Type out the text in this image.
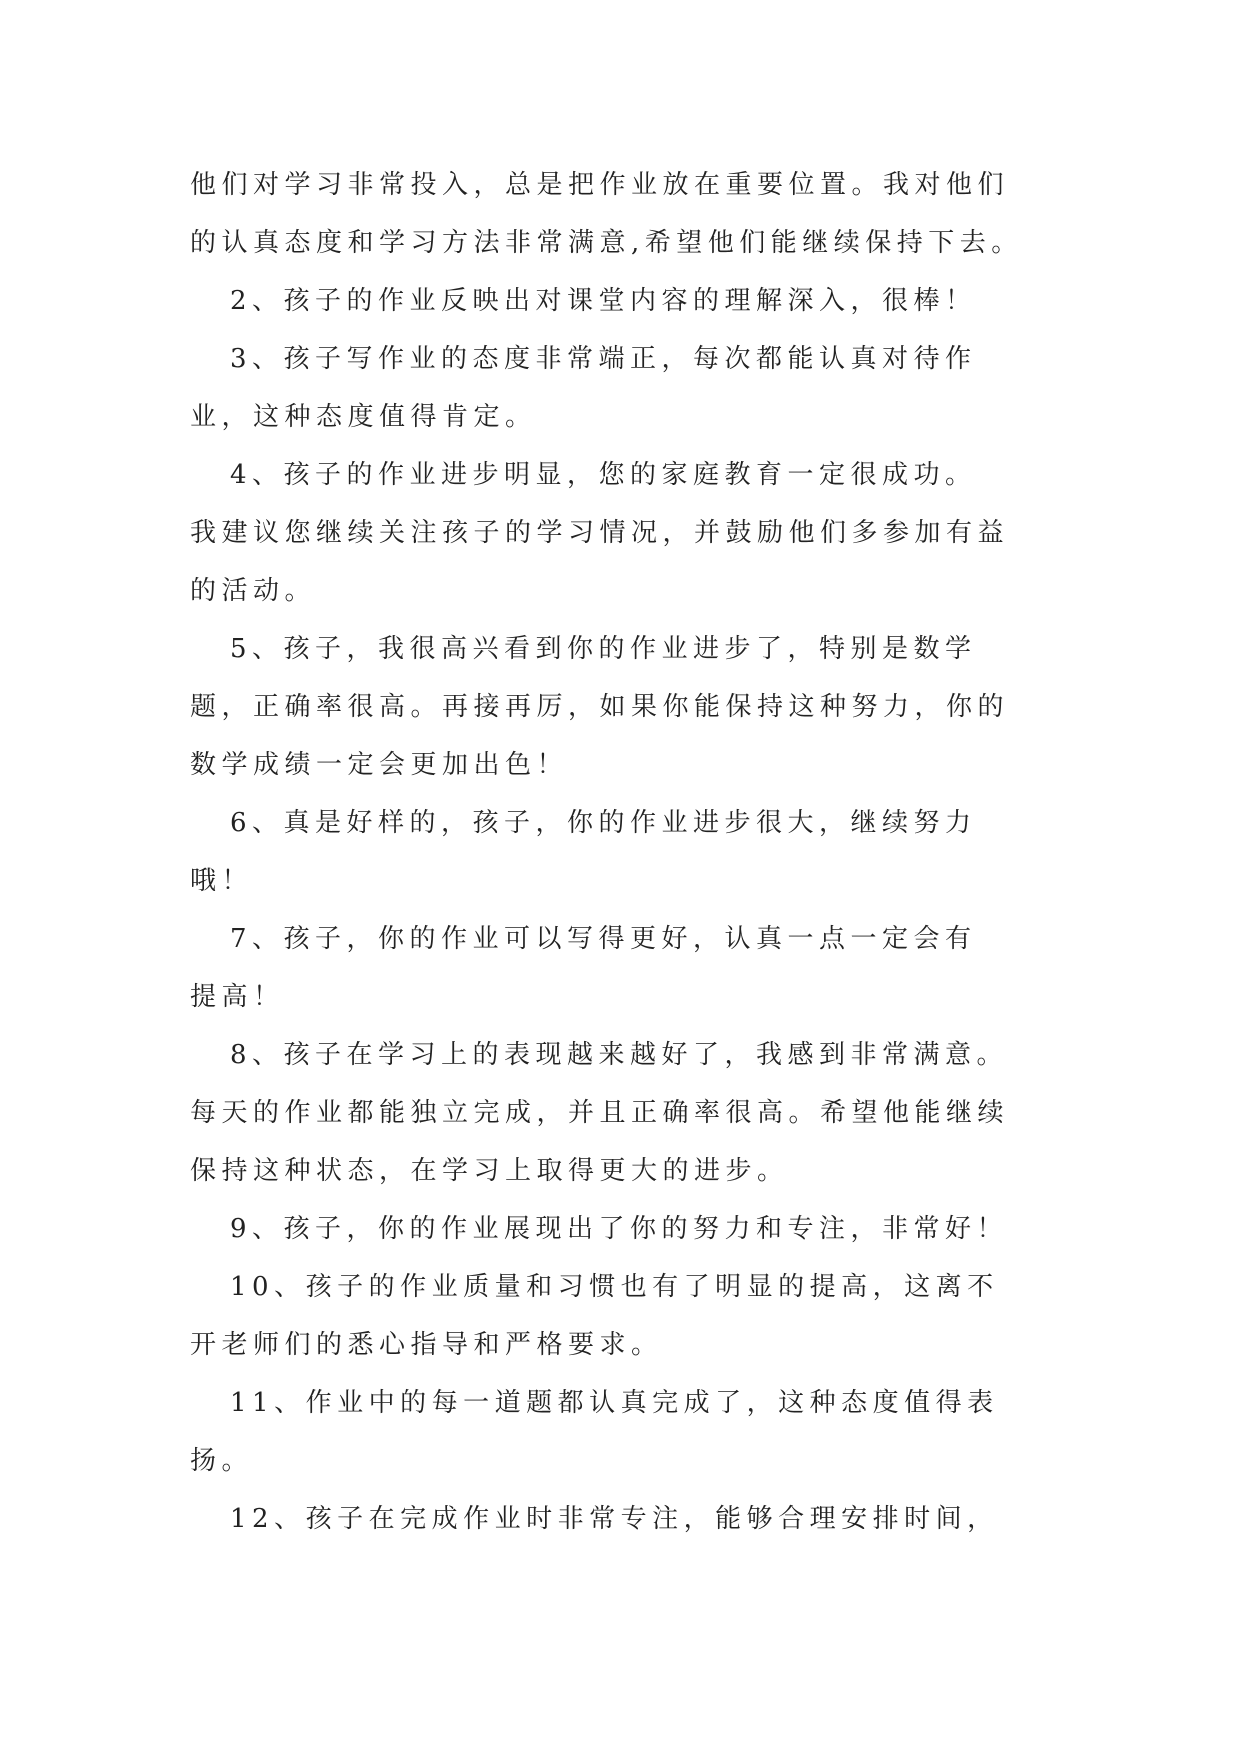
他们对学习非常投入，总是把作业放在重要位置。我对他们
的认真态度和学习方法非常满意,希望他们能继续保持下去。
2、孩子的作业反映出对课堂内容的理解深入，很棒！
3、孩子写作业的态度非常端正，每次都能认真对待作
业，这种态度值得肯定。
4、孩子的作业进步明显，您的家庭教育一定很成功。
我建议您继续关注孩子的学习情况，并鼓励他们多参加有益
的活动。
5、孩子，我很高兴看到你的作业进步了，特别是数学
题，正确率很高。再接再厉，如果你能保持这种努力，你的
数学成绩一定会更加出色！
6、真是好样的，孩子，你的作业进步很大，继续努力
哦！
7、孩子，你的作业可以写得更好，认真一点一定会有
提高！
8、孩子在学习上的表现越来越好了，我感到非常满意。
每天的作业都能独立完成，并且正确率很高。希望他能继续
保持这种状态，在学习上取得更大的进步。
9、孩子，你的作业展现出了你的努力和专注，非常好！
10、孩子的作业质量和习惯也有了明显的提高，这离不
开老师们的悉心指导和严格要求。
11、作业中的每一道题都认真完成了，这种态度值得表
扬。
12、孩子在完成作业时非常专注，能够合理安排时间，
